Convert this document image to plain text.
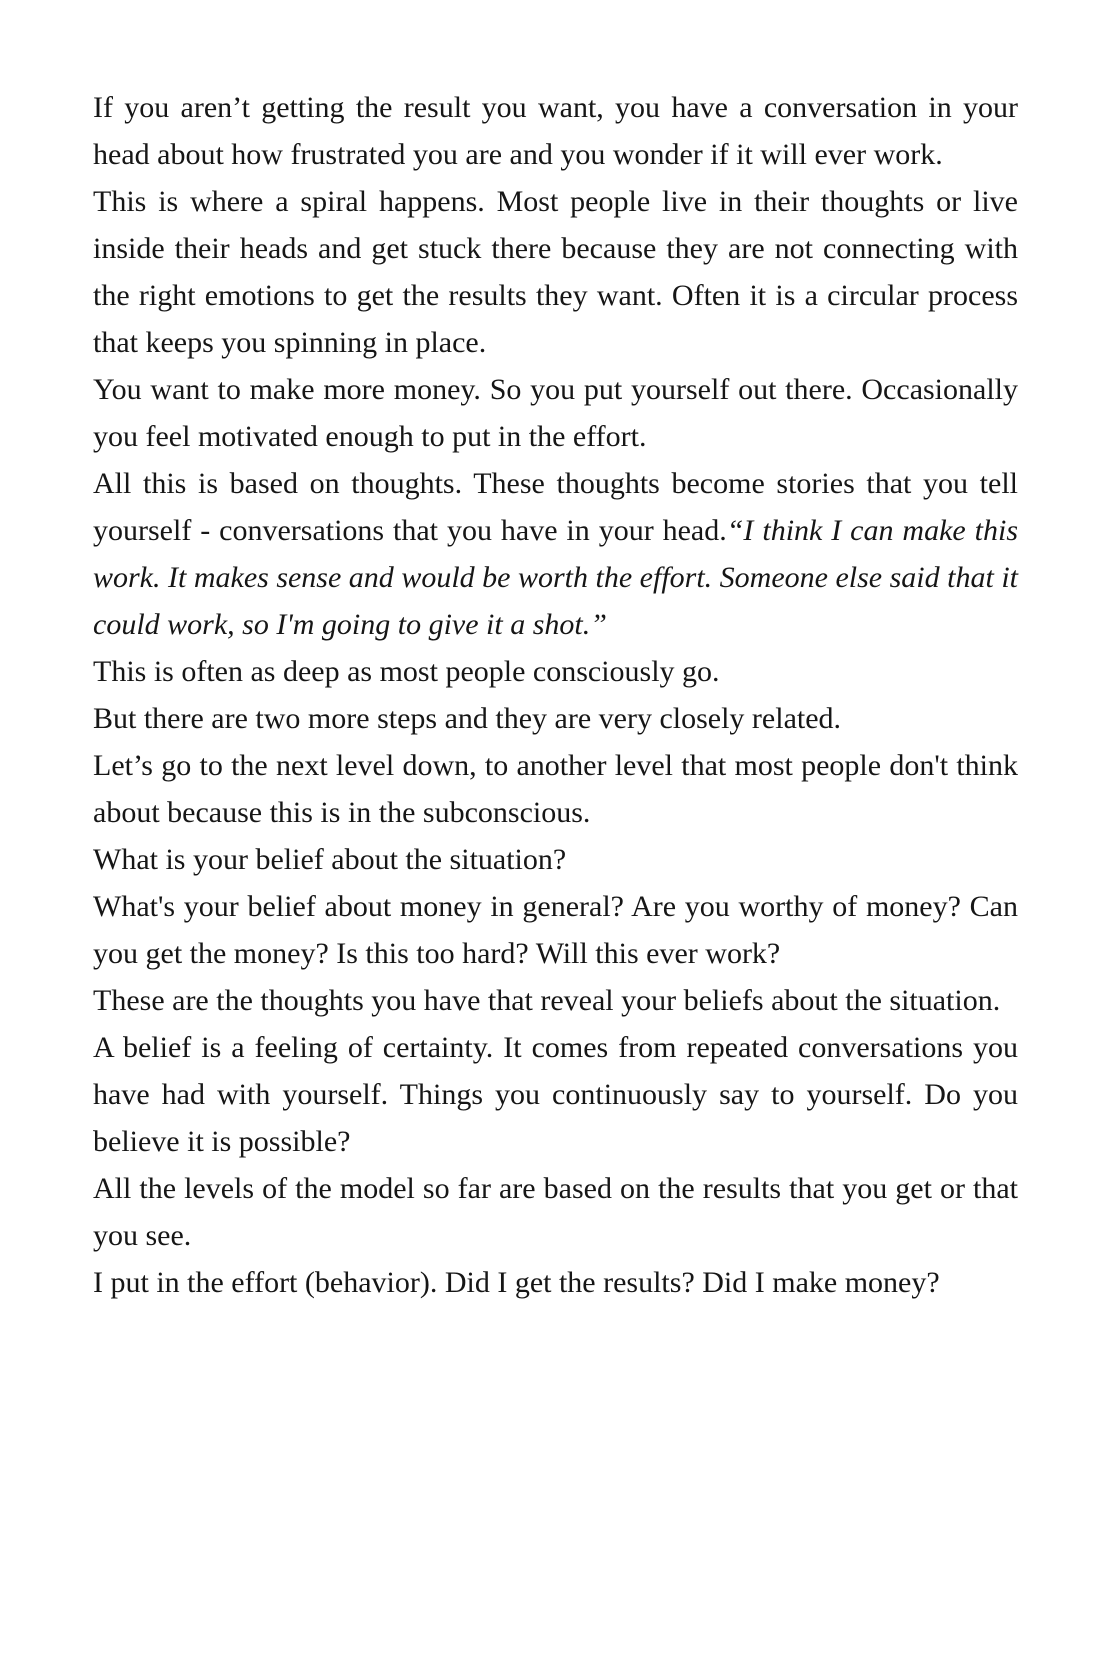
If you aren’t getting the result you want, you have a conversation in your head about how frustrated you are and you wonder if it will ever work.

This is where a spiral happens. Most people live in their thoughts or live inside their heads and get stuck there because they are not connecting with the right emotions to get the results they want. Often it is a circular process that keeps you spinning in place.

You want to make more money. So you put yourself out there. Occasionally you feel motivated enough to put in the effort.

All this is based on thoughts. These thoughts become stories that you tell yourself - conversations that you have in your head.“I think I can make this work. It makes sense and would be worth the effort. Someone else said that it could work, so I'm going to give it a shot.”

This is often as deep as most people consciously go.

But there are two more steps and they are very closely related.

Let’s go to the next level down, to another level that most people don't think about because this is in the subconscious.

What is your belief about the situation?

What's your belief about money in general? Are you worthy of money? Can you get the money? Is this too hard? Will this ever work?

These are the thoughts you have that reveal your beliefs about the situation.

A belief is a feeling of certainty. It comes from repeated conversations you have had with yourself. Things you continuously say to yourself. Do you believe it is possible?

All the levels of the model so far are based on the results that you get or that you see.

I put in the effort (behavior). Did I get the results? Did I make money?
